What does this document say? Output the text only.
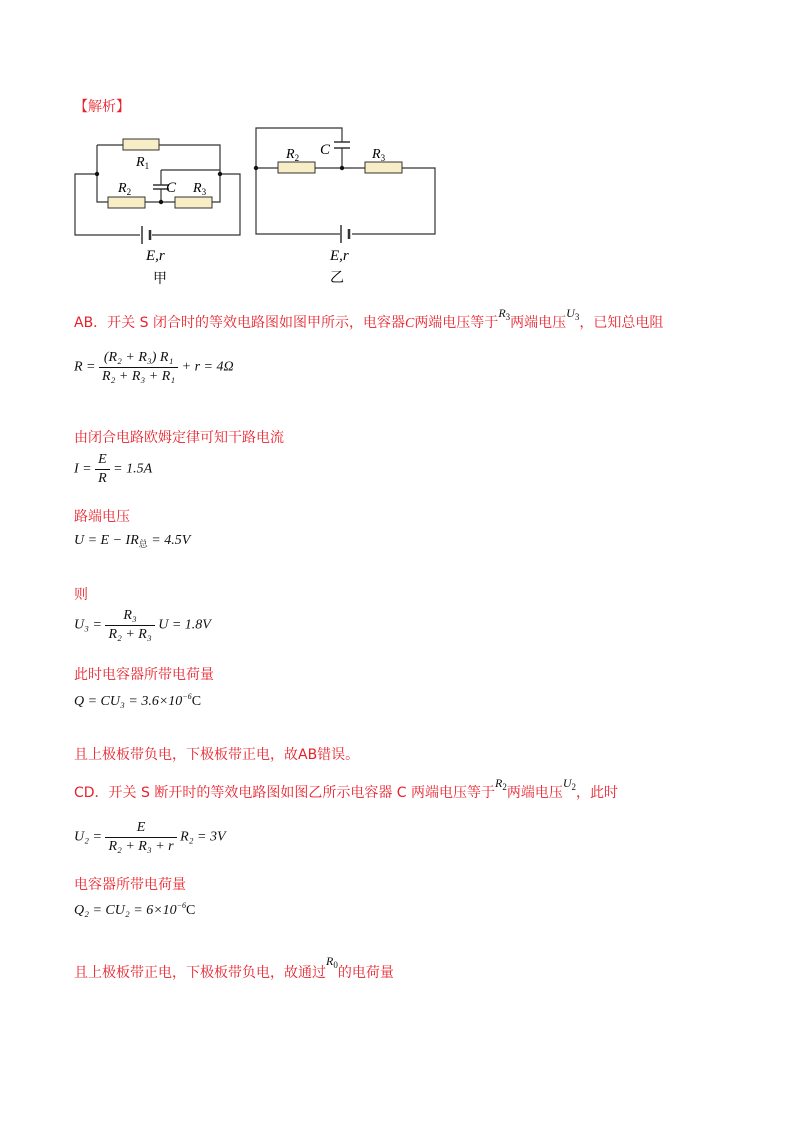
【解析】
$R_1$
$R_2$ C $R_3$
E,r
甲
$R_2$ C	$R_3$
E,r
乙
AB．开关 S 闭合时的等效电路图如图甲所示，电容器C两端电压等于$R_3$两端电压$U_3$，已知总电阻
$R = \frac{\text{(R₂ + R₃) R₁}}{\text{R₂ + R₃ + R₁}} + r = 4\Omega$
由闭合电路欧姆定律可知干路电流
$I = \frac{E}{R} = 1.5A$
路端电压
$U = E - IR_总 = 4.5V$
则
$U_3 = \frac{\text{R₃}}{\text{R₂ + R₃}}$ U = 1.8V
此时电容器所带电荷量
$Q = CU_3 = 3.6\times 10^{-6}C$
且上极板带负电，下极板带正电，故AB错误。
CD．开关 S 断开时的等效电路图如图乙所示电容器 C 两端电压等于$R_2$两端电压$U_2$，此时
$U_2 = \frac{E}{\text{R₂ + R₃ + r}} R_2 = 3V$
电容器所带电荷量
$Q_2 = CU_2 = 6\times 10^{-6}C$
且上极板带正电，下极板带负电，故通过$R_0$的电荷量
